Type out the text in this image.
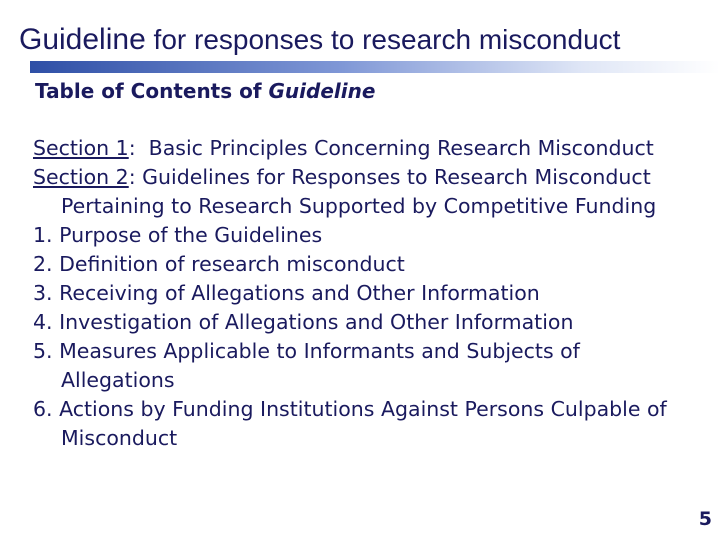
Guideline for responses to research misconduct
Table of Contents of Guideline
Section 1:  Basic Principles Concerning Research Misconduct
Section 2: Guidelines for Responses to Research Misconduct Pertaining to Research Supported by Competitive Funding
1. Purpose of the Guidelines
2. Definition of research misconduct
3. Receiving of Allegations and Other Information
4. Investigation of Allegations and Other Information
5. Measures Applicable to Informants and Subjects of Allegations
6. Actions by Funding Institutions Against Persons Culpable of Misconduct
5
